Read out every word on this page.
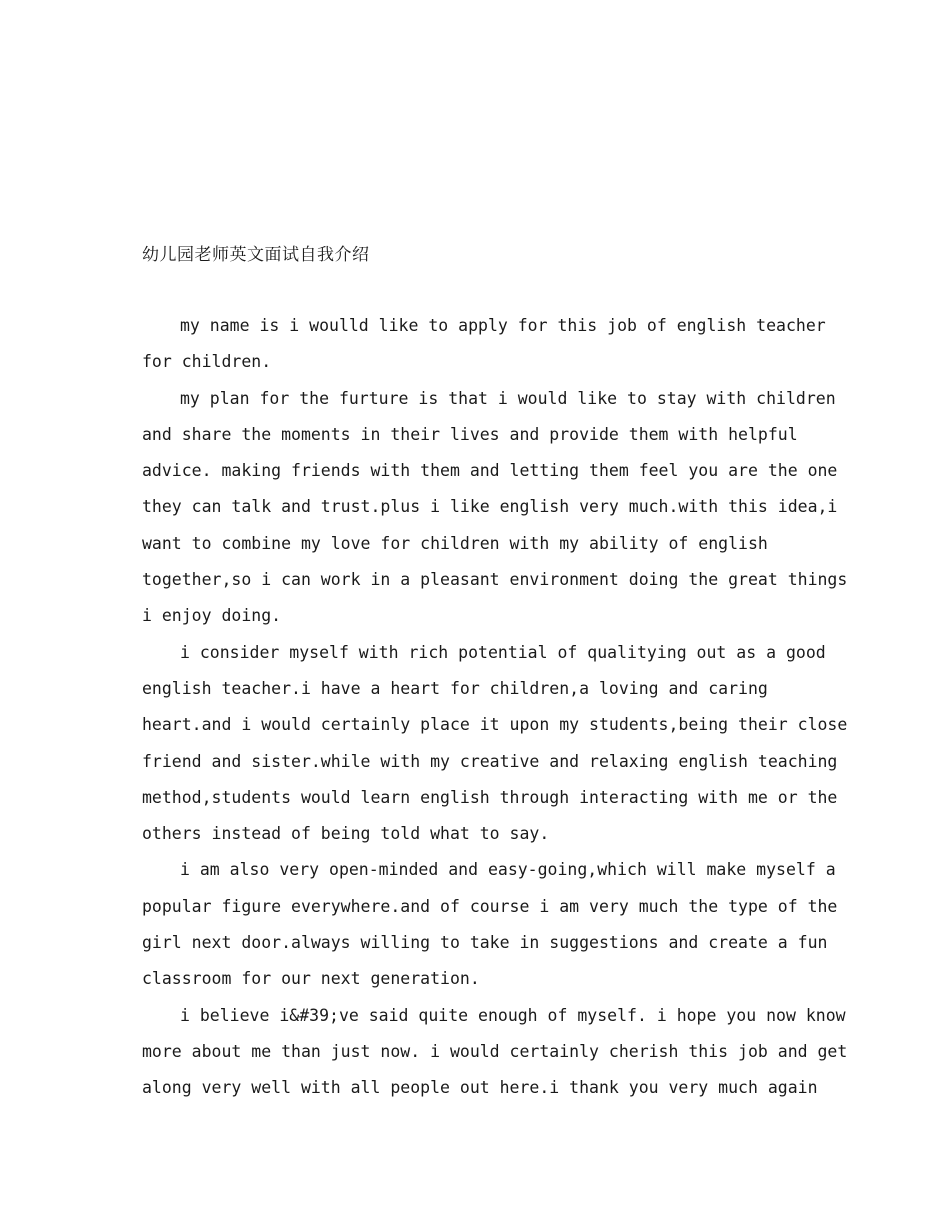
幼儿园老师英文面试自我介绍
my name is i woulld like to apply for this job of english teacher
for children.
my plan for the furture is that i would like to stay with children
and share the moments in their lives and provide them with helpful
advice. making friends with them and letting them feel you are the one
they can talk and trust.plus i like english very much.with this idea,i
want to combine my love for children with my ability of english
together,so i can work in a pleasant environment doing the great things
i enjoy doing.
i consider myself with rich potential of qualitying out as a good
english teacher.i have a heart for children,a loving and caring
heart.and i would certainly place it upon my students,being their close
friend and sister.while with my creative and relaxing english teaching
method,students would learn english through interacting with me or the
others instead of being told what to say.
i am also very open-minded and easy-going,which will make myself a
popular figure everywhere.and of course i am very much the type of the
girl next door.always willing to take in suggestions and create a fun
classroom for our next generation.
i believe i&#39;ve said quite enough of myself. i hope you now know
more about me than just now. i would certainly cherish this job and get
along very well with all people out here.i thank you very much again
